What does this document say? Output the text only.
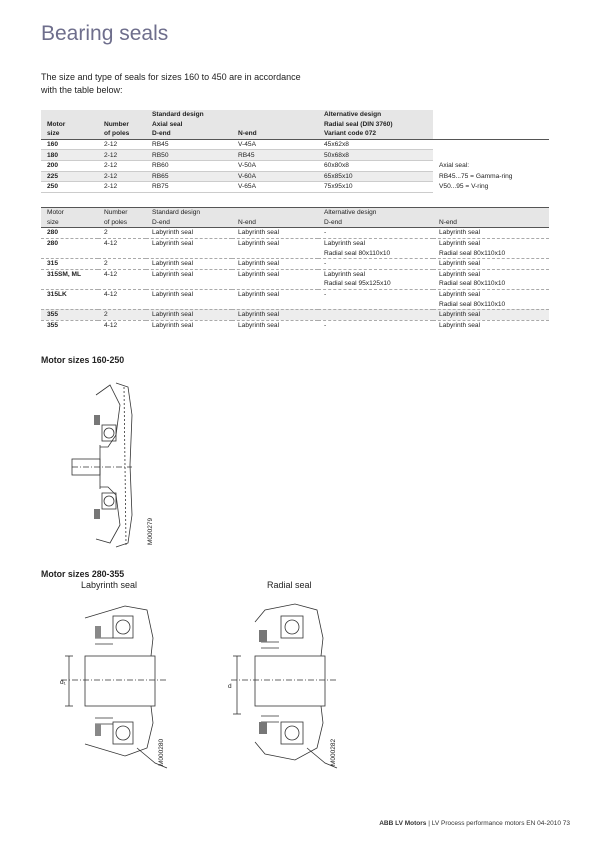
Bearing seals
The size and type of seals for sizes 160 to 450 are in accordance with the table below:
		Standard design		Alternative design	
Motor	Number	Axial seal		Radial seal (DIN 3760)	
size	of poles	D-end	N-end	Variant code 072	
160	2-12	RB45	V-45A	45x62x8	
180	2-12	RB50	RB45	50x68x8	
200	2-12	RB60	V-50A	60x80x8	Axial seal:
225	2-12	RB65	V-60A	65x85x10	RB45...75 = Gamma-ring
250	2-12	RB75	V-65A	75x95x10	V50...95 = V-ring
Motor	Number	Standard design		Alternative design	
size	of poles	D-end	N-end	D-end	N-end
280	2	Labyrinth seal	Labyrinth seal	-	Labyrinth seal
280	4-12	Labyrinth seal	Labyrinth seal	Labyrinth seal	Labyrinth seal
				Radial seal 80x110x10	Radial seal 80x110x10
315	2	Labyrinth seal	Labyrinth seal	-	Labyrinth seal
315SM, ML	4-12	Labyrinth seal	Labyrinth seal	Labyrinth seal	Labyrinth seal
				Radial seal 95x125x10	Radial seal 80x110x10
315LK	4-12	Labyrinth seal	Labyrinth seal	-	Labyrinth seal
					Radial seal 80x110x10
355	2	Labyrinth seal	Labyrinth seal		Labyrinth seal
355	4-12	Labyrinth seal	Labyrinth seal	-	Labyrinth seal
Motor sizes 160-250
M000279
Motor sizes 280-355
Labyrinth seal	Radial seal
d₁
M000280
d
M000282
ABB LV Motors | LV Process performance motors EN 04-2010 73
